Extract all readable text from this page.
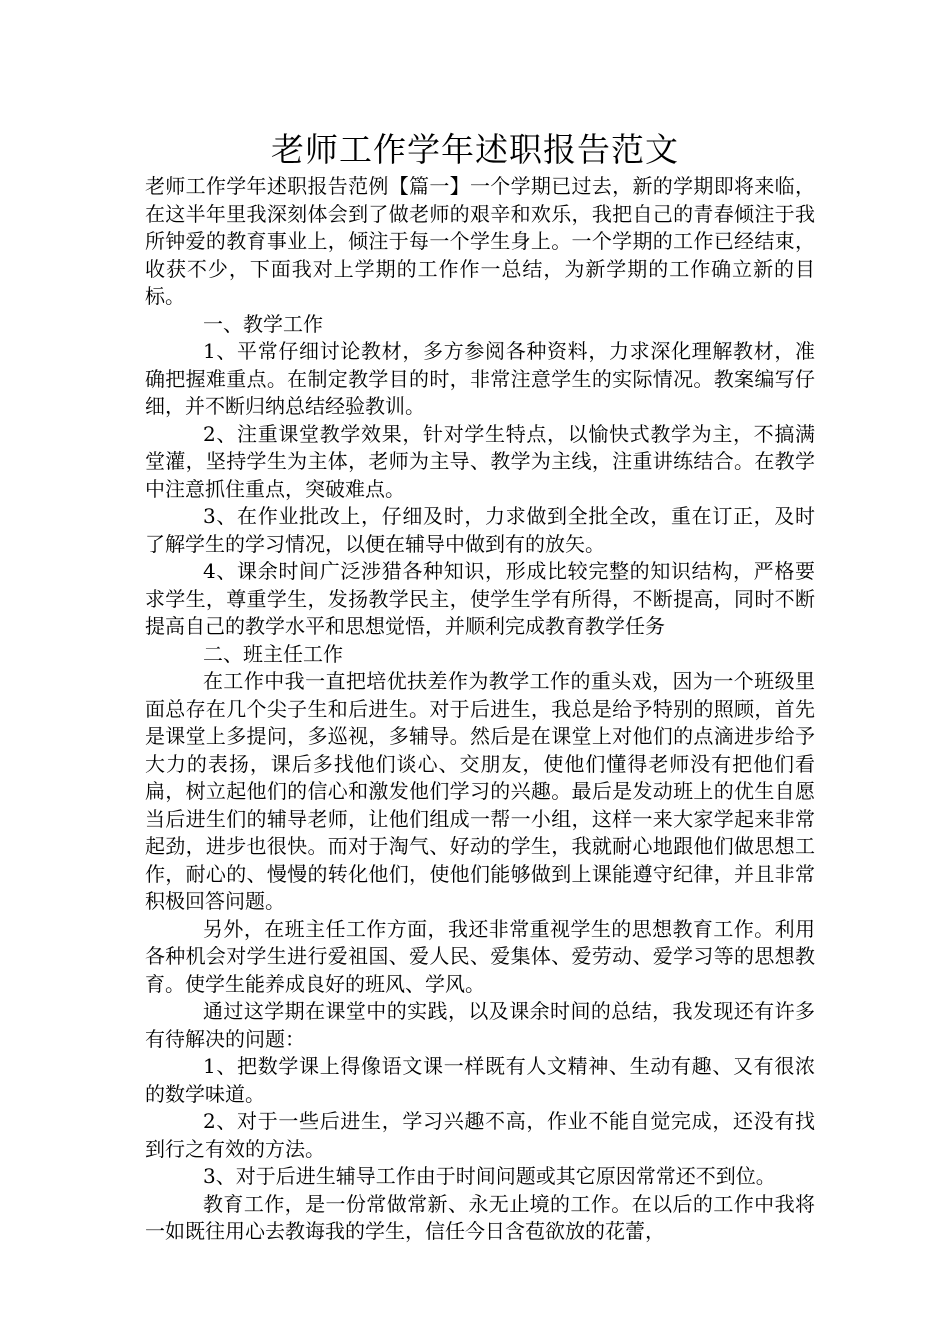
老师工作学年述职报告范文

老师工作学年述职报告范例【篇一】一个学期已过去，新的学期即将来临，在这半年里我深刻体会到了做老师的艰辛和欢乐，我把自己的青春倾注于我所钟爱的教育事业上，倾注于每一个学生身上。一个学期的工作已经结束，收获不少，下面我对上学期的工作作一总结，为新学期的工作确立新的目标。

一、教学工作

1、平常仔细讨论教材，多方参阅各种资料，力求深化理解教材，准确把握难重点。在制定教学目的时，非常注意学生的实际情况。教案编写仔细，并不断归纳总结经验教训。

2、注重课堂教学效果，针对学生特点，以愉快式教学为主，不搞满堂灌，坚持学生为主体，老师为主导、教学为主线，注重讲练结合。在教学中注意抓住重点，突破难点。

3、在作业批改上，仔细及时，力求做到全批全改，重在订正，及时了解学生的学习情况，以便在辅导中做到有的放矢。

4、课余时间广泛涉猎各种知识，形成比较完整的知识结构，严格要求学生，尊重学生，发扬教学民主，使学生学有所得，不断提高，同时不断提高自己的教学水平和思想觉悟，并顺利完成教育教学任务

二、班主任工作

在工作中我一直把培优扶差作为教学工作的重头戏，因为一个班级里面总存在几个尖子生和后进生。对于后进生，我总是给予特别的照顾，首先是课堂上多提问，多巡视，多辅导。然后是在课堂上对他们的点滴进步给予大力的表扬，课后多找他们谈心、交朋友，使他们懂得老师没有把他们看扁，树立起他们的信心和激发他们学习的兴趣。最后是发动班上的优生自愿当后进生们的辅导老师，让他们组成一帮一小组，这样一来大家学起来非常起劲，进步也很快。而对于淘气、好动的学生，我就耐心地跟他们做思想工作，耐心的、慢慢的转化他们，使他们能够做到上课能遵守纪律，并且非常积极回答问题。

另外，在班主任工作方面，我还非常重视学生的思想教育工作。利用各种机会对学生进行爱祖国、爱人民、爱集体、爱劳动、爱学习等的思想教育。使学生能养成良好的班风、学风。

通过这学期在课堂中的实践，以及课余时间的总结，我发现还有许多有待解决的问题：

1、把数学课上得像语文课一样既有人文精神、生动有趣、又有很浓的数学味道。

2、对于一些后进生，学习兴趣不高，作业不能自觉完成，还没有找到行之有效的方法。

3、对于后进生辅导工作由于时间问题或其它原因常常还不到位。

教育工作，是一份常做常新、永无止境的工作。在以后的工作中我将一如既往用心去教诲我的学生，信任今日含苞欲放的花蕾，
